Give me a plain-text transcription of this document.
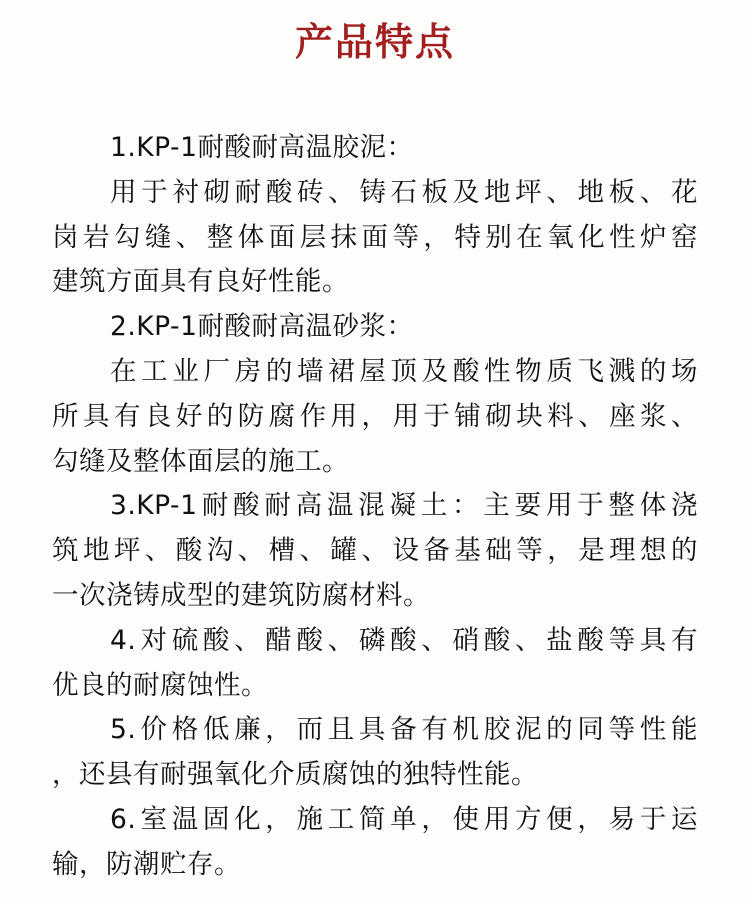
产品特点
1.KP-1耐酸耐高温胶泥：
用于衬砌耐酸砖、铸石板及地坪、地板、花
岗岩勾缝、整体面层抹面等，特别在氧化性炉窑
建筑方面具有良好性能。
2.KP-1耐酸耐高温砂浆：
在工业厂房的墙裙屋顶及酸性物质飞溅的场
所具有良好的防腐作用，用于铺砌块料、座浆、
勾缝及整体面层的施工。
3.KP-1耐酸耐高温混凝土：主要用于整体浇
筑地坪、酸沟、槽、罐、设备基础等，是理想的
一次浇铸成型的建筑防腐材料。
4.对硫酸、醋酸、磷酸、硝酸、盐酸等具有
优良的耐腐蚀性。
5.价格低廉，而且具备有机胶泥的同等性能
，还县有耐强氧化介质腐蚀的独特性能。
6.室温固化，施工简单，使用方便，易于运
输，防潮贮存。
